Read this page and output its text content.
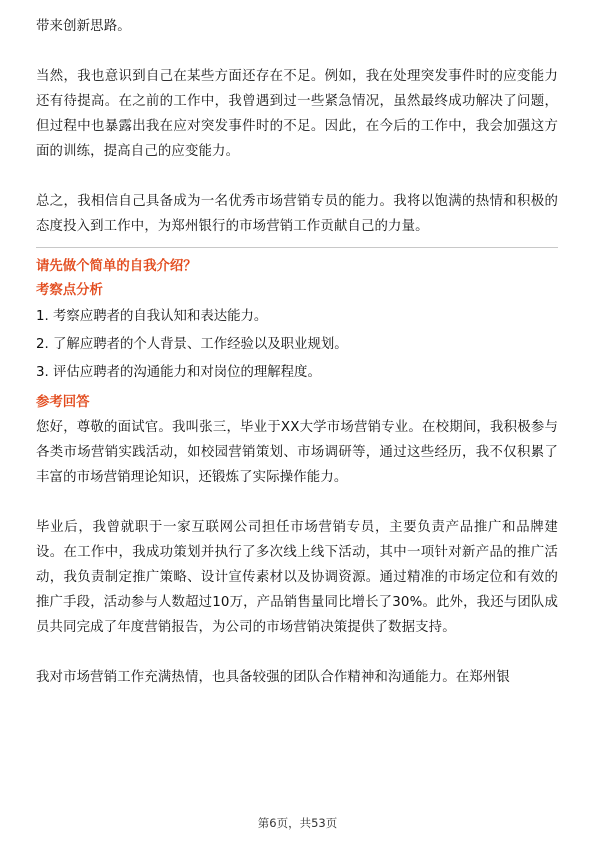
带来创新思路。

当然，我也意识到自己在某些方面还存在不足。例如，我在处理突发事件时的应变能力还有待提高。在之前的工作中，我曾遇到过一些紧急情况，虽然最终成功解决了问题，但过程中也暴露出我在应对突发事件时的不足。因此，在今后的工作中，我会加强这方面的训练，提高自己的应变能力。

总之，我相信自己具备成为一名优秀市场营销专员的能力。我将以饱满的热情和积极的态度投入到工作中，为郑州银行的市场营销工作贡献自己的力量。

请先做个简单的自我介绍？

考察点分析

1. 考察应聘者的自我认知和表达能力。

2. 了解应聘者的个人背景、工作经验以及职业规划。

3. 评估应聘者的沟通能力和对岗位的理解程度。

参考回答

您好，尊敬的面试官。我叫张三，毕业于XX大学市场营销专业。在校期间，我积极参与各类市场营销实践活动，如校园营销策划、市场调研等，通过这些经历，我不仅积累了丰富的市场营销理论知识，还锻炼了实际操作能力。

毕业后，我曾就职于一家互联网公司担任市场营销专员，主要负责产品推广和品牌建设。在工作中，我成功策划并执行了多次线上线下活动，其中一项针对新产品的推广活动，我负责制定推广策略、设计宣传素材以及协调资源。通过精准的市场定位和有效的推广手段，活动参与人数超过10万，产品销售量同比增长了30%。此外，我还与团队成员共同完成了年度营销报告，为公司的市场营销决策提供了数据支持。

我对市场营销工作充满热情，也具备较强的团队合作精神和沟通能力。在郑州银

第6页，共53页
